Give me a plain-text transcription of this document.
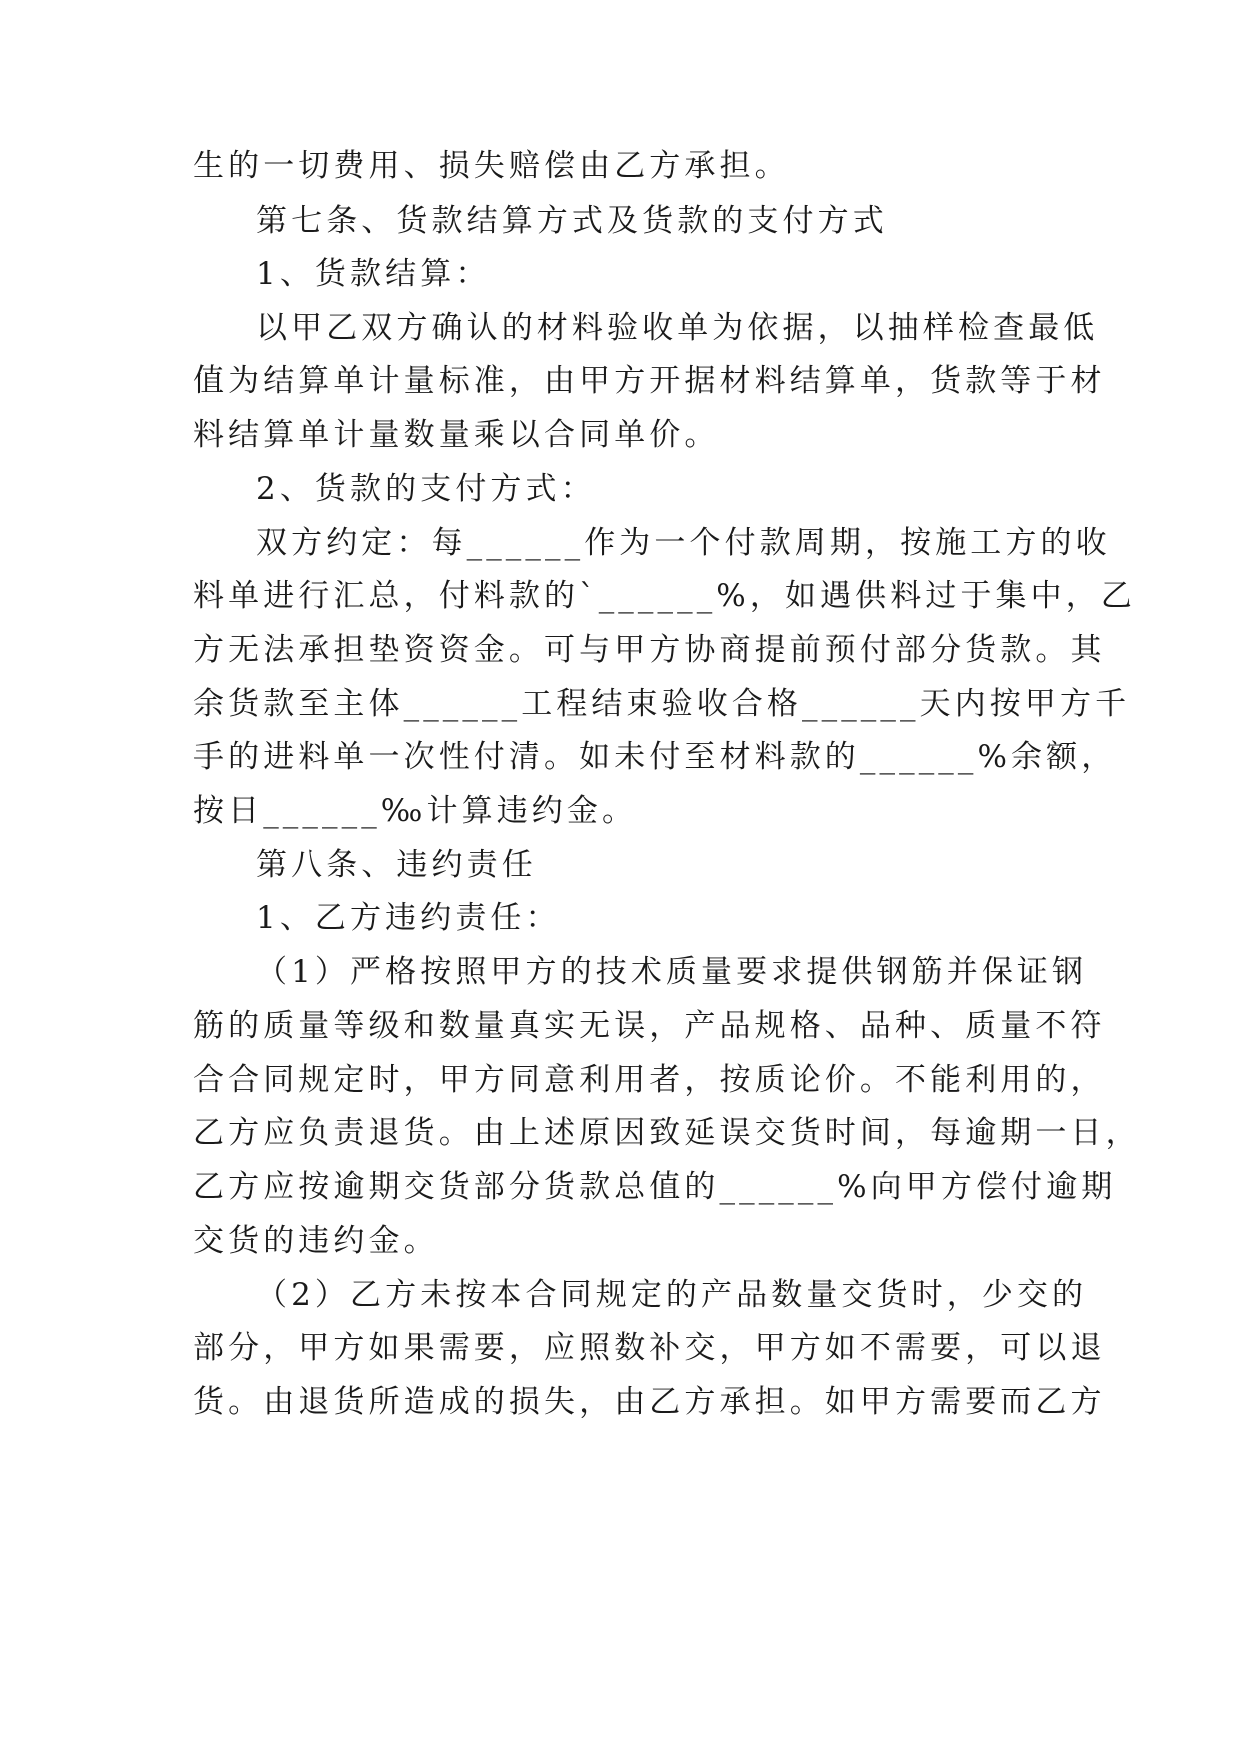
生的一切费用、损失赔偿由乙方承担。
第七条、货款结算方式及货款的支付方式
1、货款结算：
以甲乙双方确认的材料验收单为依据，以抽样检查最低
值为结算单计量标准，由甲方开据材料结算单，货款等于材
料结算单计量数量乘以合同单价。
2、货款的支付方式：
双方约定：每______作为一个付款周期，按施工方的收
料单进行汇总，付料款的`______%，如遇供料过于集中，乙
方无法承担垫资资金。可与甲方协商提前预付部分货款。其
余货款至主体______工程结束验收合格______天内按甲方千
手的进料单一次性付清。如未付至材料款的______%余额，
按日______‰计算违约金。
第八条、违约责任
1、乙方违约责任：
（1）严格按照甲方的技术质量要求提供钢筋并保证钢
筋的质量等级和数量真实无误，产品规格、品种、质量不符
合合同规定时，甲方同意利用者，按质论价。不能利用的，
乙方应负责退货。由上述原因致延误交货时间，每逾期一日，
乙方应按逾期交货部分货款总值的______%向甲方偿付逾期
交货的违约金。
（2）乙方未按本合同规定的产品数量交货时，少交的
部分，甲方如果需要，应照数补交，甲方如不需要，可以退
货。由退货所造成的损失，由乙方承担。如甲方需要而乙方
